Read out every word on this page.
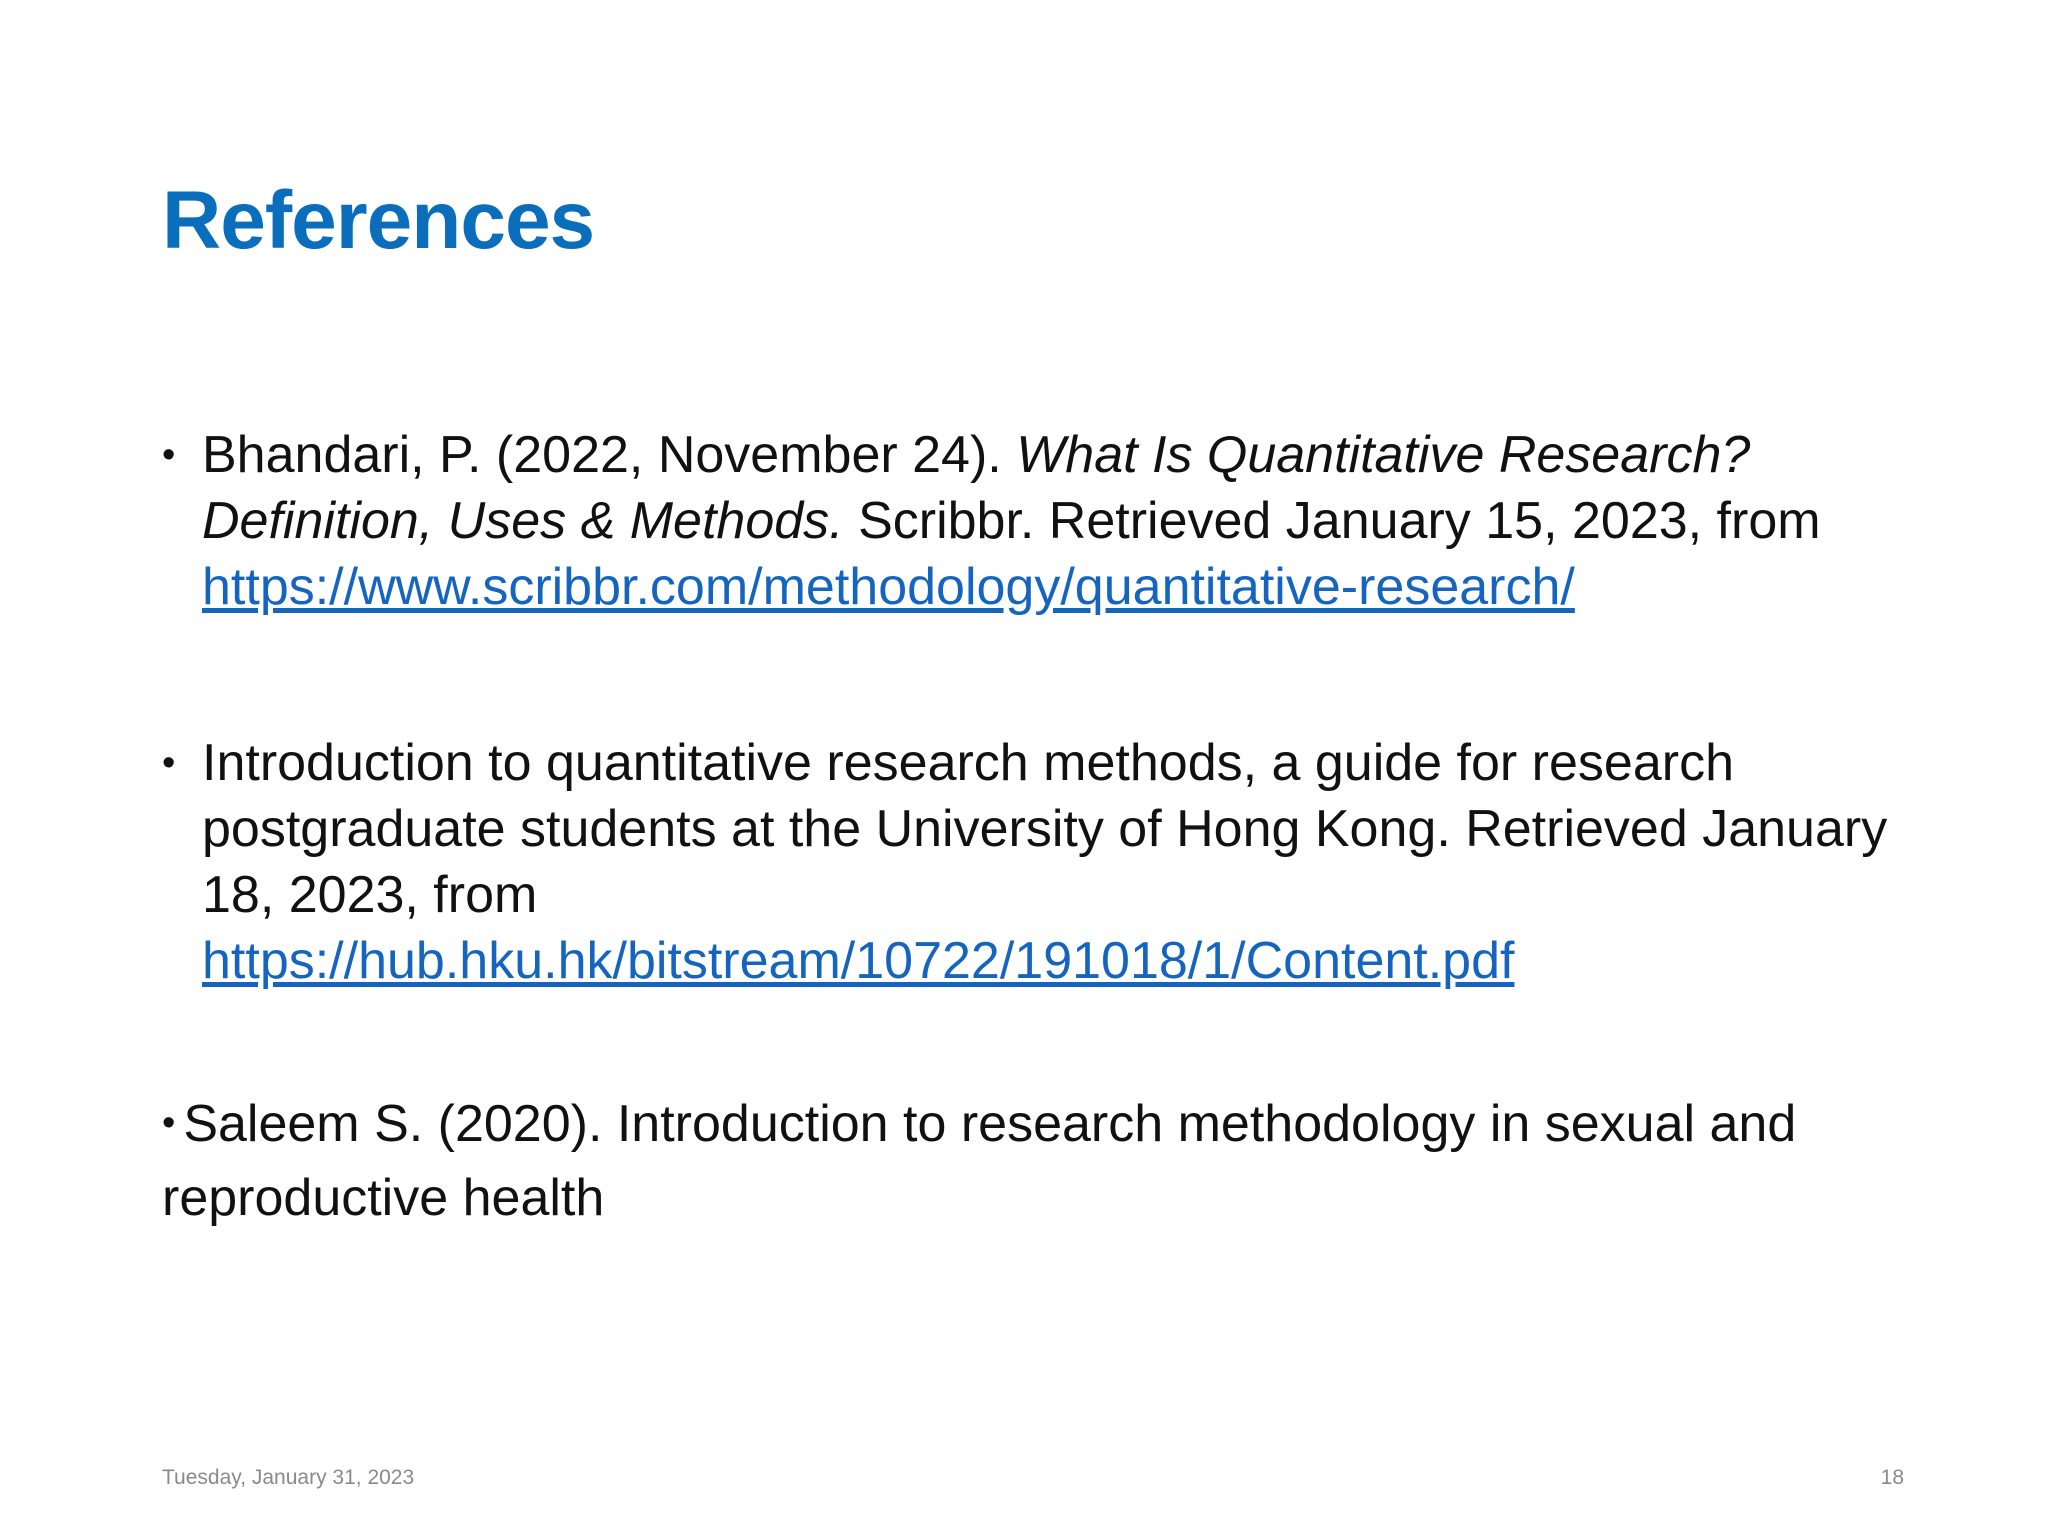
References
• Bhandari, P. (2022, November 24). What Is Quantitative Research? Definition, Uses & Methods. Scribbr. Retrieved January 15, 2023, from
https://www.scribbr.com/methodology/quantitative-research/
• Introduction to quantitative research methods, a guide for research postgraduate students at the University of Hong Kong. Retrieved January 18, 2023, from
https://hub.hku.hk/bitstream/10722/191018/1/Content.pdf
• Saleem S. (2020). Introduction to research methodology in sexual and reproductive health
Tuesday, January 31, 2023	18
